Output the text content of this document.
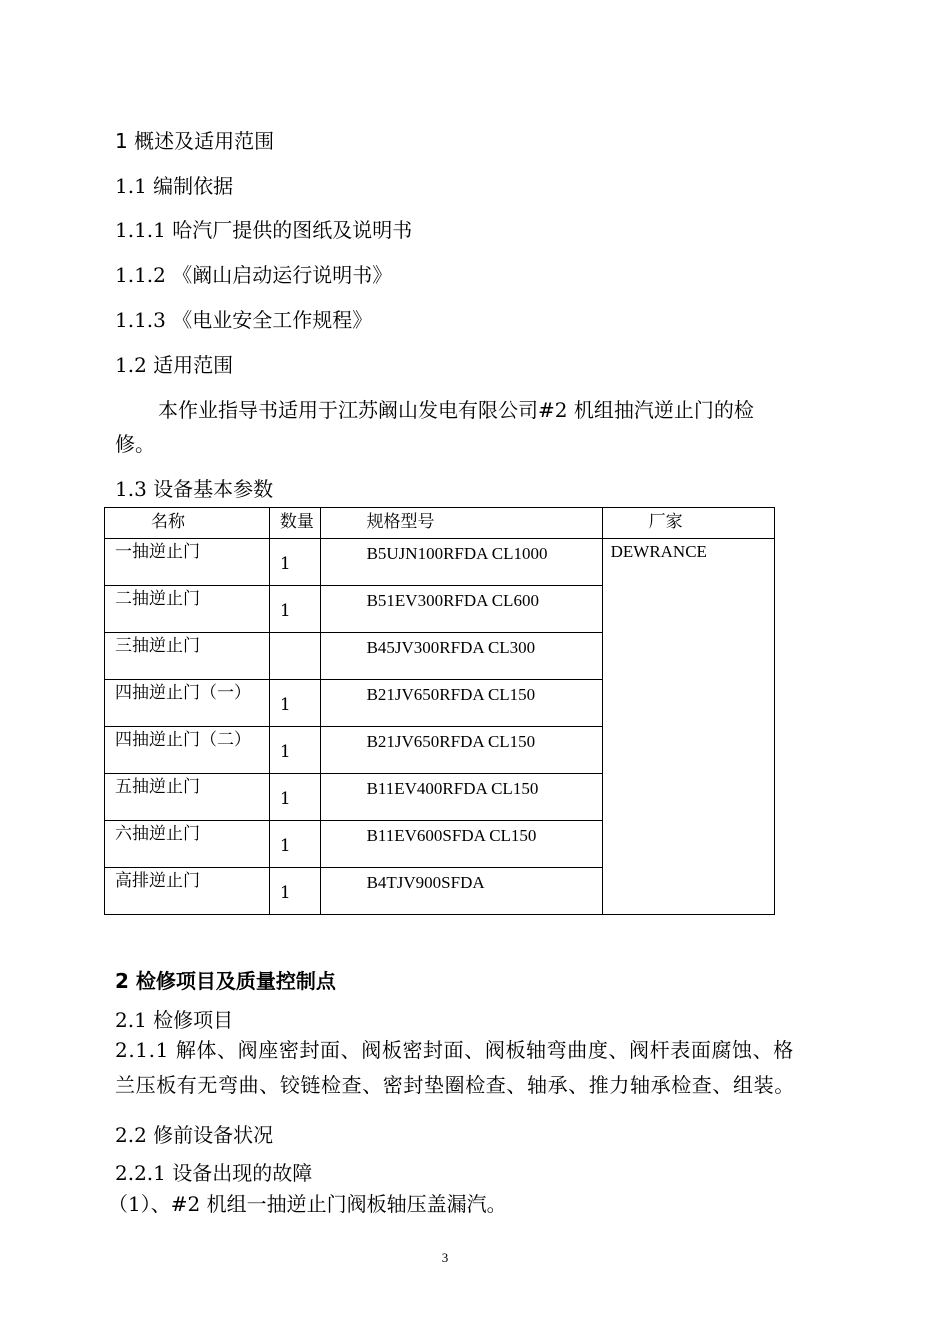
1 概述及适用范围
1.1 编制依据
1.1.1 哈汽厂提供的图纸及说明书
1.1.2 《阚山启动运行说明书》
1.1.3 《电业安全工作规程》
1.2 适用范围
本作业指导书适用于江苏阚山发电有限公司#2 机组抽汽逆止门的检
修。
1.3 设备基本参数
名称	数量	规格型号	厂家
一抽逆止门	1	B5UJN100RFDA CL1000	DEWRANCE
二抽逆止门	1	B51EV300RFDA CL600	

三抽逆止门		B45JV300RFDA CL300	

四抽逆止门（一）	1	B21JV650RFDA CL150	

四抽逆止门（二）	1	B21JV650RFDA CL150	

五抽逆止门	1	B11EV400RFDA CL150	

六抽逆止门	1	B11EV600SFDA CL150	

高排逆止门	1	B4TJV900SFDA	
2 检修项目及质量控制点
2.1 检修项目
2.1.1 解体、阀座密封面、阀板密封面、阀板轴弯曲度、阀杆表面腐蚀、格
兰压板有无弯曲、铰链检查、密封垫圈检查、轴承、推力轴承检查、组装。
2.2 修前设备状况
2.2.1 设备出现的故障
（1）、#2 机组一抽逆止门阀板轴压盖漏汽。
3
